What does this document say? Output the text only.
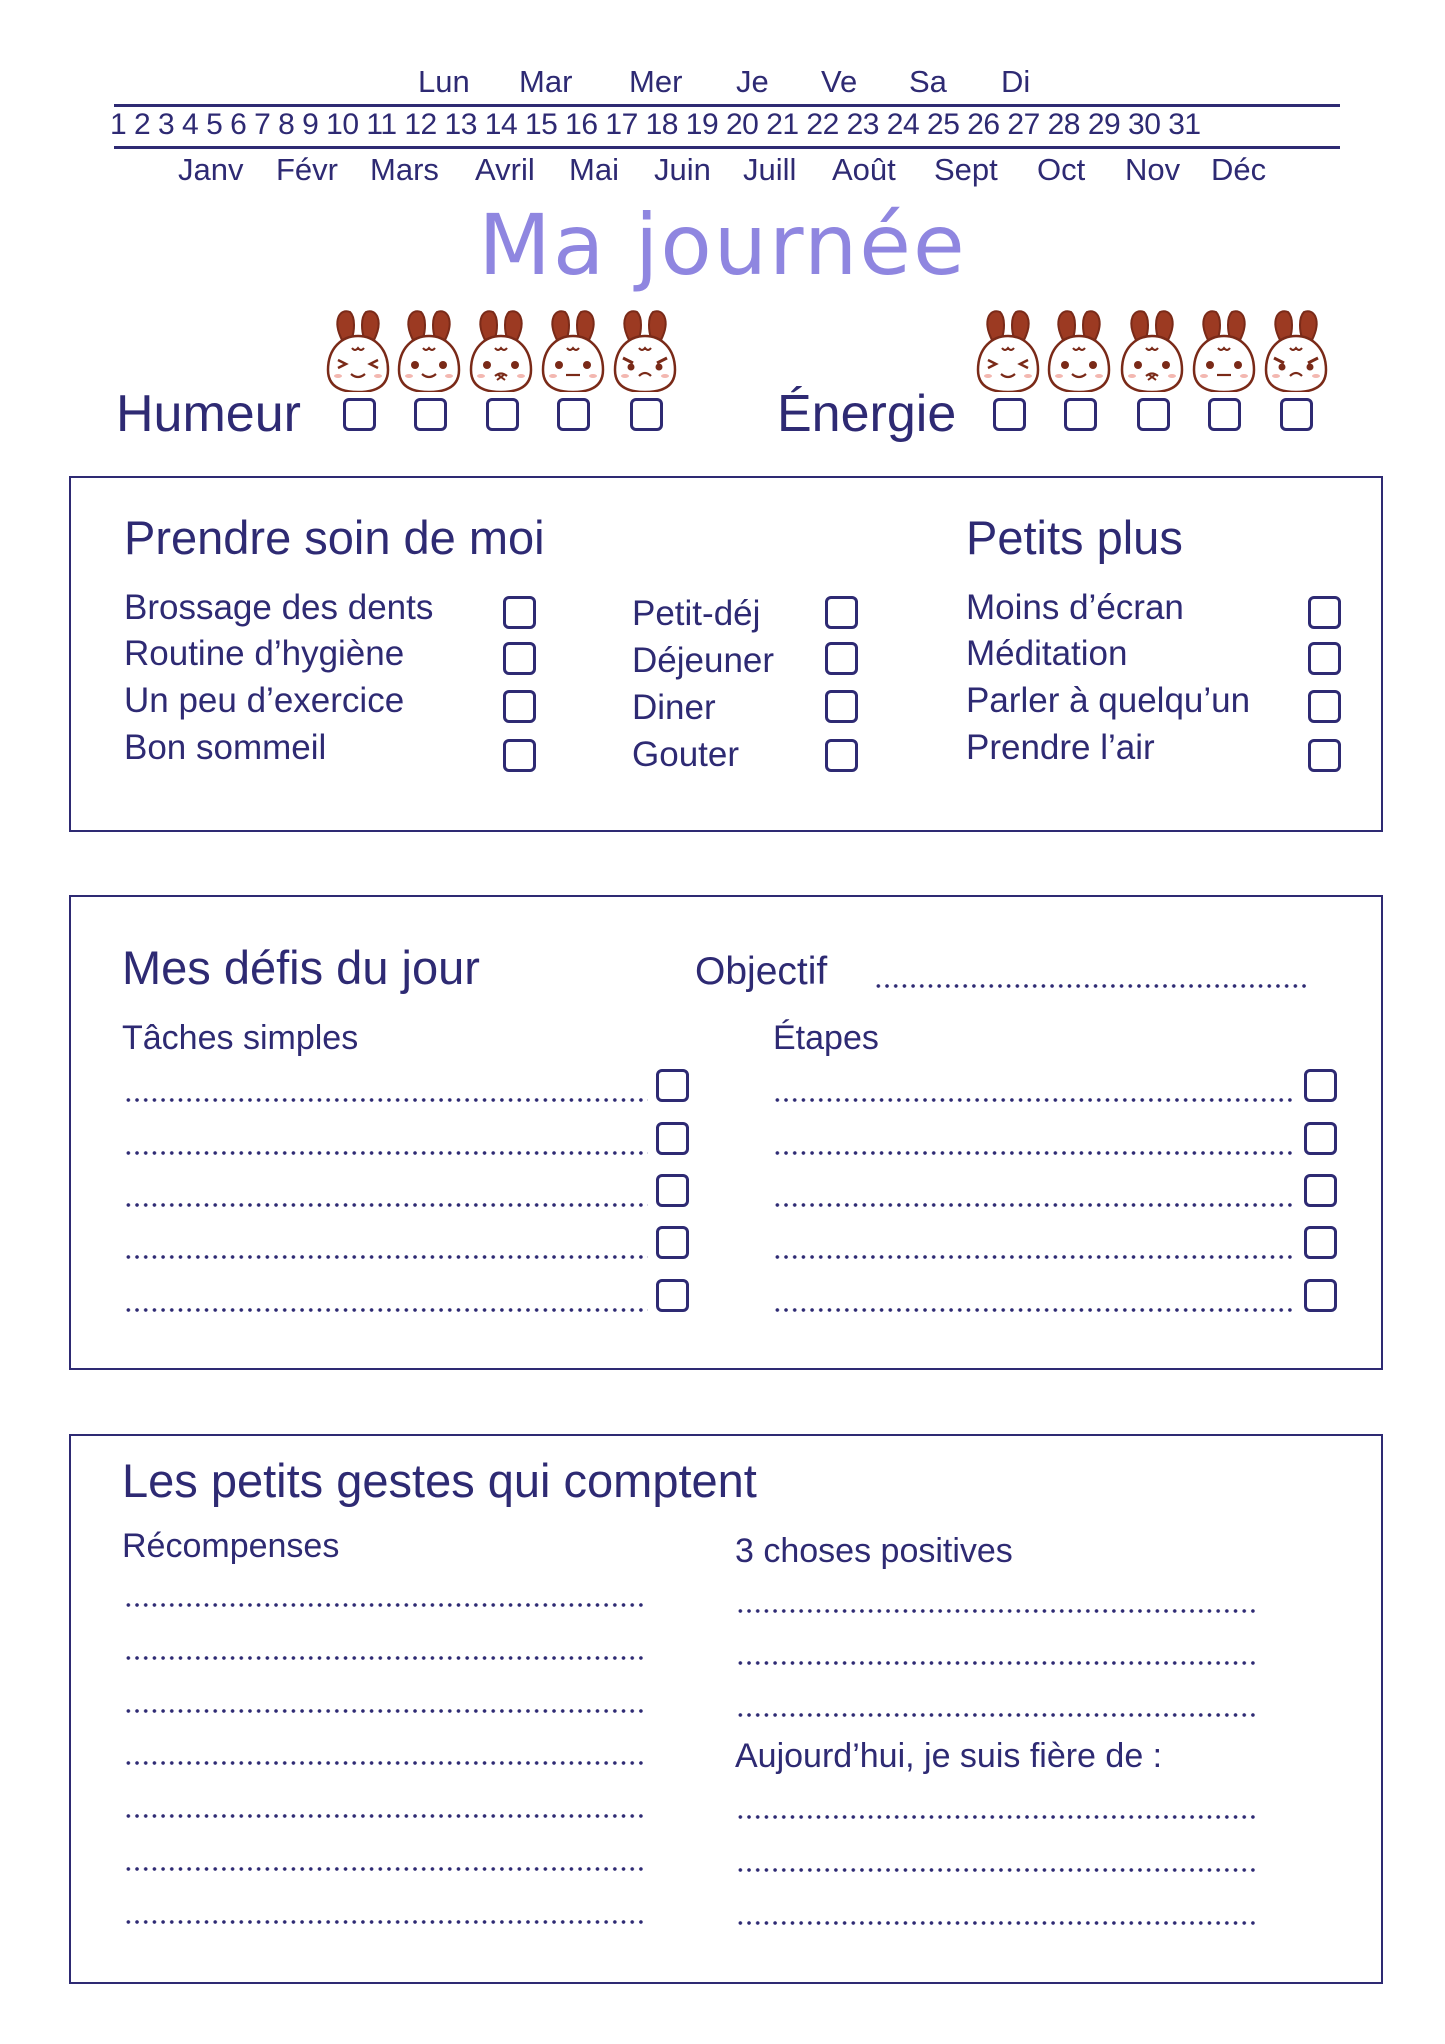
Lun Mar Mer Je Ve Sa Di
1 2 3 4 5 6 7 8 9 10 11 12 13 14 15 16 17 18 19 20 21 22 23 24 25 26 27 28 29 30 31
Janv Févr Mars Avril Mai Juin Juill Août Sept Oct Nov Déc
Ma journée
Humeur	Énergie
Prendre soin de moi
Brossage des dents
Routine d’hygiène
Un peu d’exercice
Bon sommeil
Petit-déj
Déjeuner
Diner
Gouter
Petits plus
Moins d’écran
Méditation
Parler à quelqu’un
Prendre l’air
Mes défis du jour	Objectif
Tâches simples	Étapes
Les petits gestes qui comptent
Récompenses	3 choses positives
Aujourd’hui, je suis fière de :
